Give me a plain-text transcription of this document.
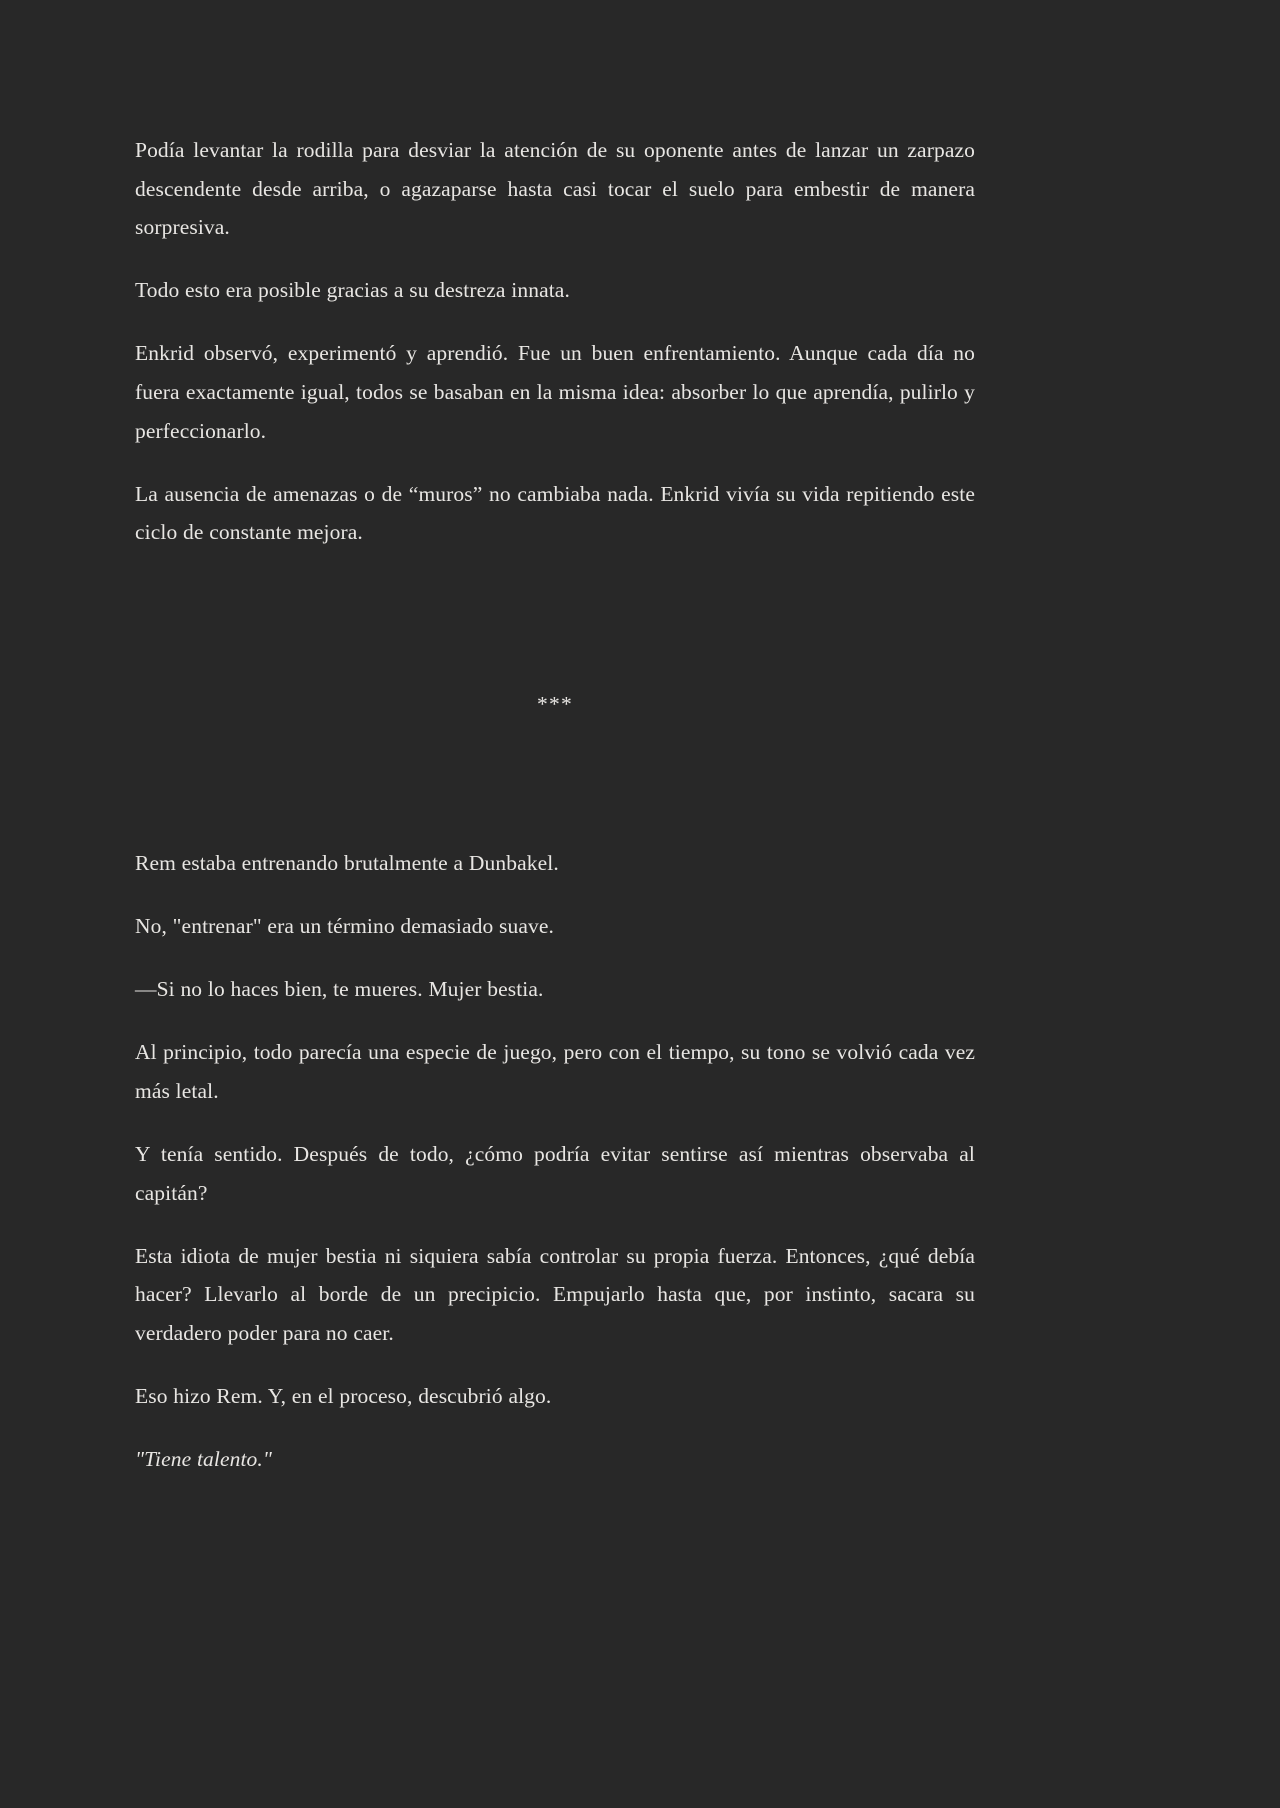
Podía levantar la rodilla para desviar la atención de su oponente antes de lanzar un zarpazo descendente desde arriba, o agazaparse hasta casi tocar el suelo para embestir de manera sorpresiva.

Todo esto era posible gracias a su destreza innata.

Enkrid observó, experimentó y aprendió. Fue un buen enfrentamiento. Aunque cada día no fuera exactamente igual, todos se basaban en la misma idea: absorber lo que aprendía, pulirlo y perfeccionarlo.

La ausencia de amenazas o de “muros” no cambiaba nada. Enkrid vivía su vida repitiendo este ciclo de constante mejora.

***

Rem estaba entrenando brutalmente a Dunbakel.

No, "entrenar" era un término demasiado suave.

—Si no lo haces bien, te mueres. Mujer bestia.

Al principio, todo parecía una especie de juego, pero con el tiempo, su tono se volvió cada vez más letal.

Y tenía sentido. Después de todo, ¿cómo podría evitar sentirse así mientras observaba al capitán?

Esta idiota de mujer bestia ni siquiera sabía controlar su propia fuerza. Entonces, ¿qué debía hacer? Llevarlo al borde de un precipicio. Empujarlo hasta que, por instinto, sacara su verdadero poder para no caer.

Eso hizo Rem. Y, en el proceso, descubrió algo.

"Tiene talento."
